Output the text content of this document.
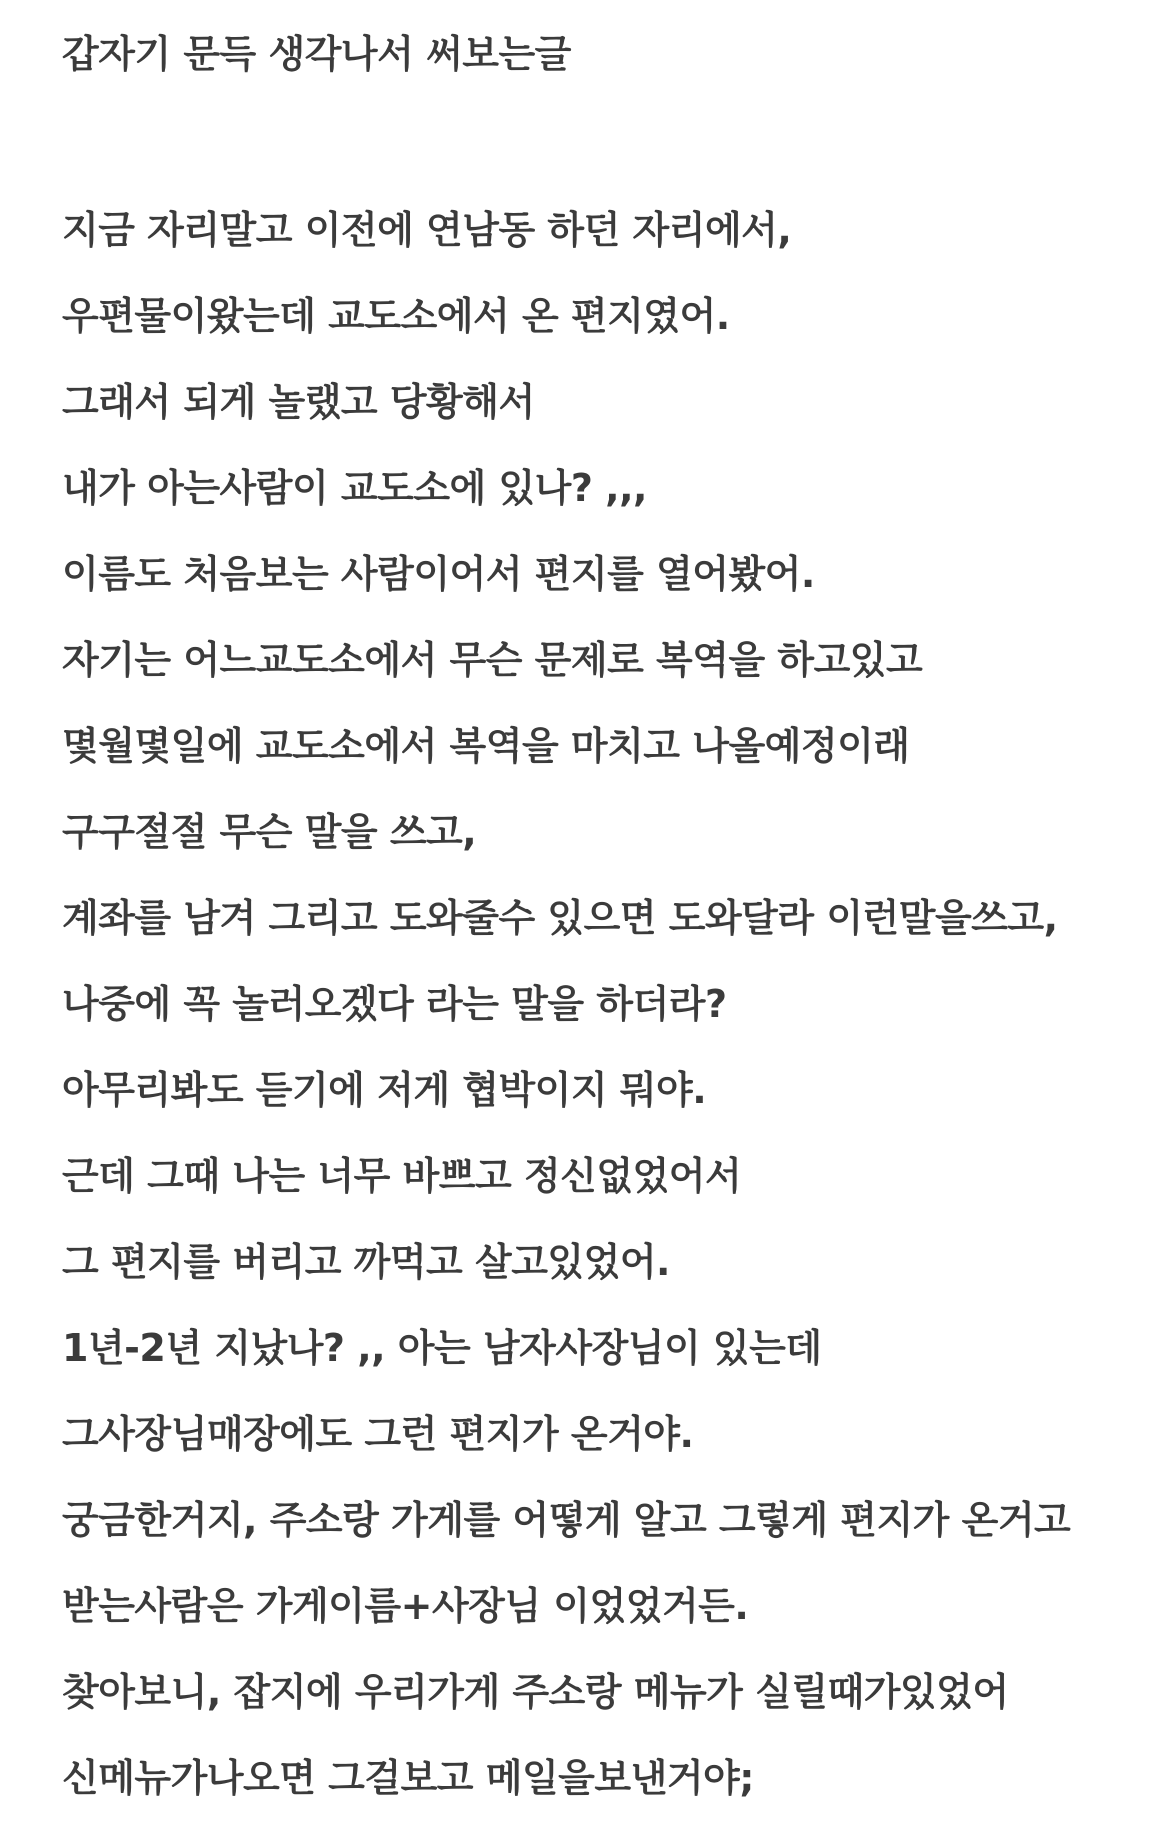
갑자기 문득 생각나서 써보는글
지금 자리말고 이전에 연남동 하던 자리에서,
우편물이왔는데 교도소에서 온 편지였어.
그래서 되게 놀랬고 당황해서
내가 아는사람이 교도소에 있나? ,,,
이름도 처음보는 사람이어서 편지를 열어봤어.
자기는 어느교도소에서 무슨 문제로 복역을 하고있고
몇월몇일에 교도소에서 복역을 마치고 나올예정이래
구구절절 무슨 말을 쓰고,
계좌를 남겨 그리고 도와줄수 있으면 도와달라 이런말을쓰고,
나중에 꼭 놀러오겠다 라는 말을 하더라?
아무리봐도 듣기에 저게 협박이지 뭐야.
근데 그때 나는 너무 바쁘고 정신없었어서
그 편지를 버리고 까먹고 살고있었어.
1년-2년 지났나? ,, 아는 남자사장님이 있는데
그사장님매장에도 그런 편지가 온거야.
궁금한거지, 주소랑 가게를 어떻게 알고 그렇게 편지가 온거고
받는사람은 가게이름+사장님 이었었거든.
찾아보니, 잡지에 우리가게 주소랑 메뉴가 실릴때가있었어
신메뉴가나오면 그걸보고 메일을보낸거야;
